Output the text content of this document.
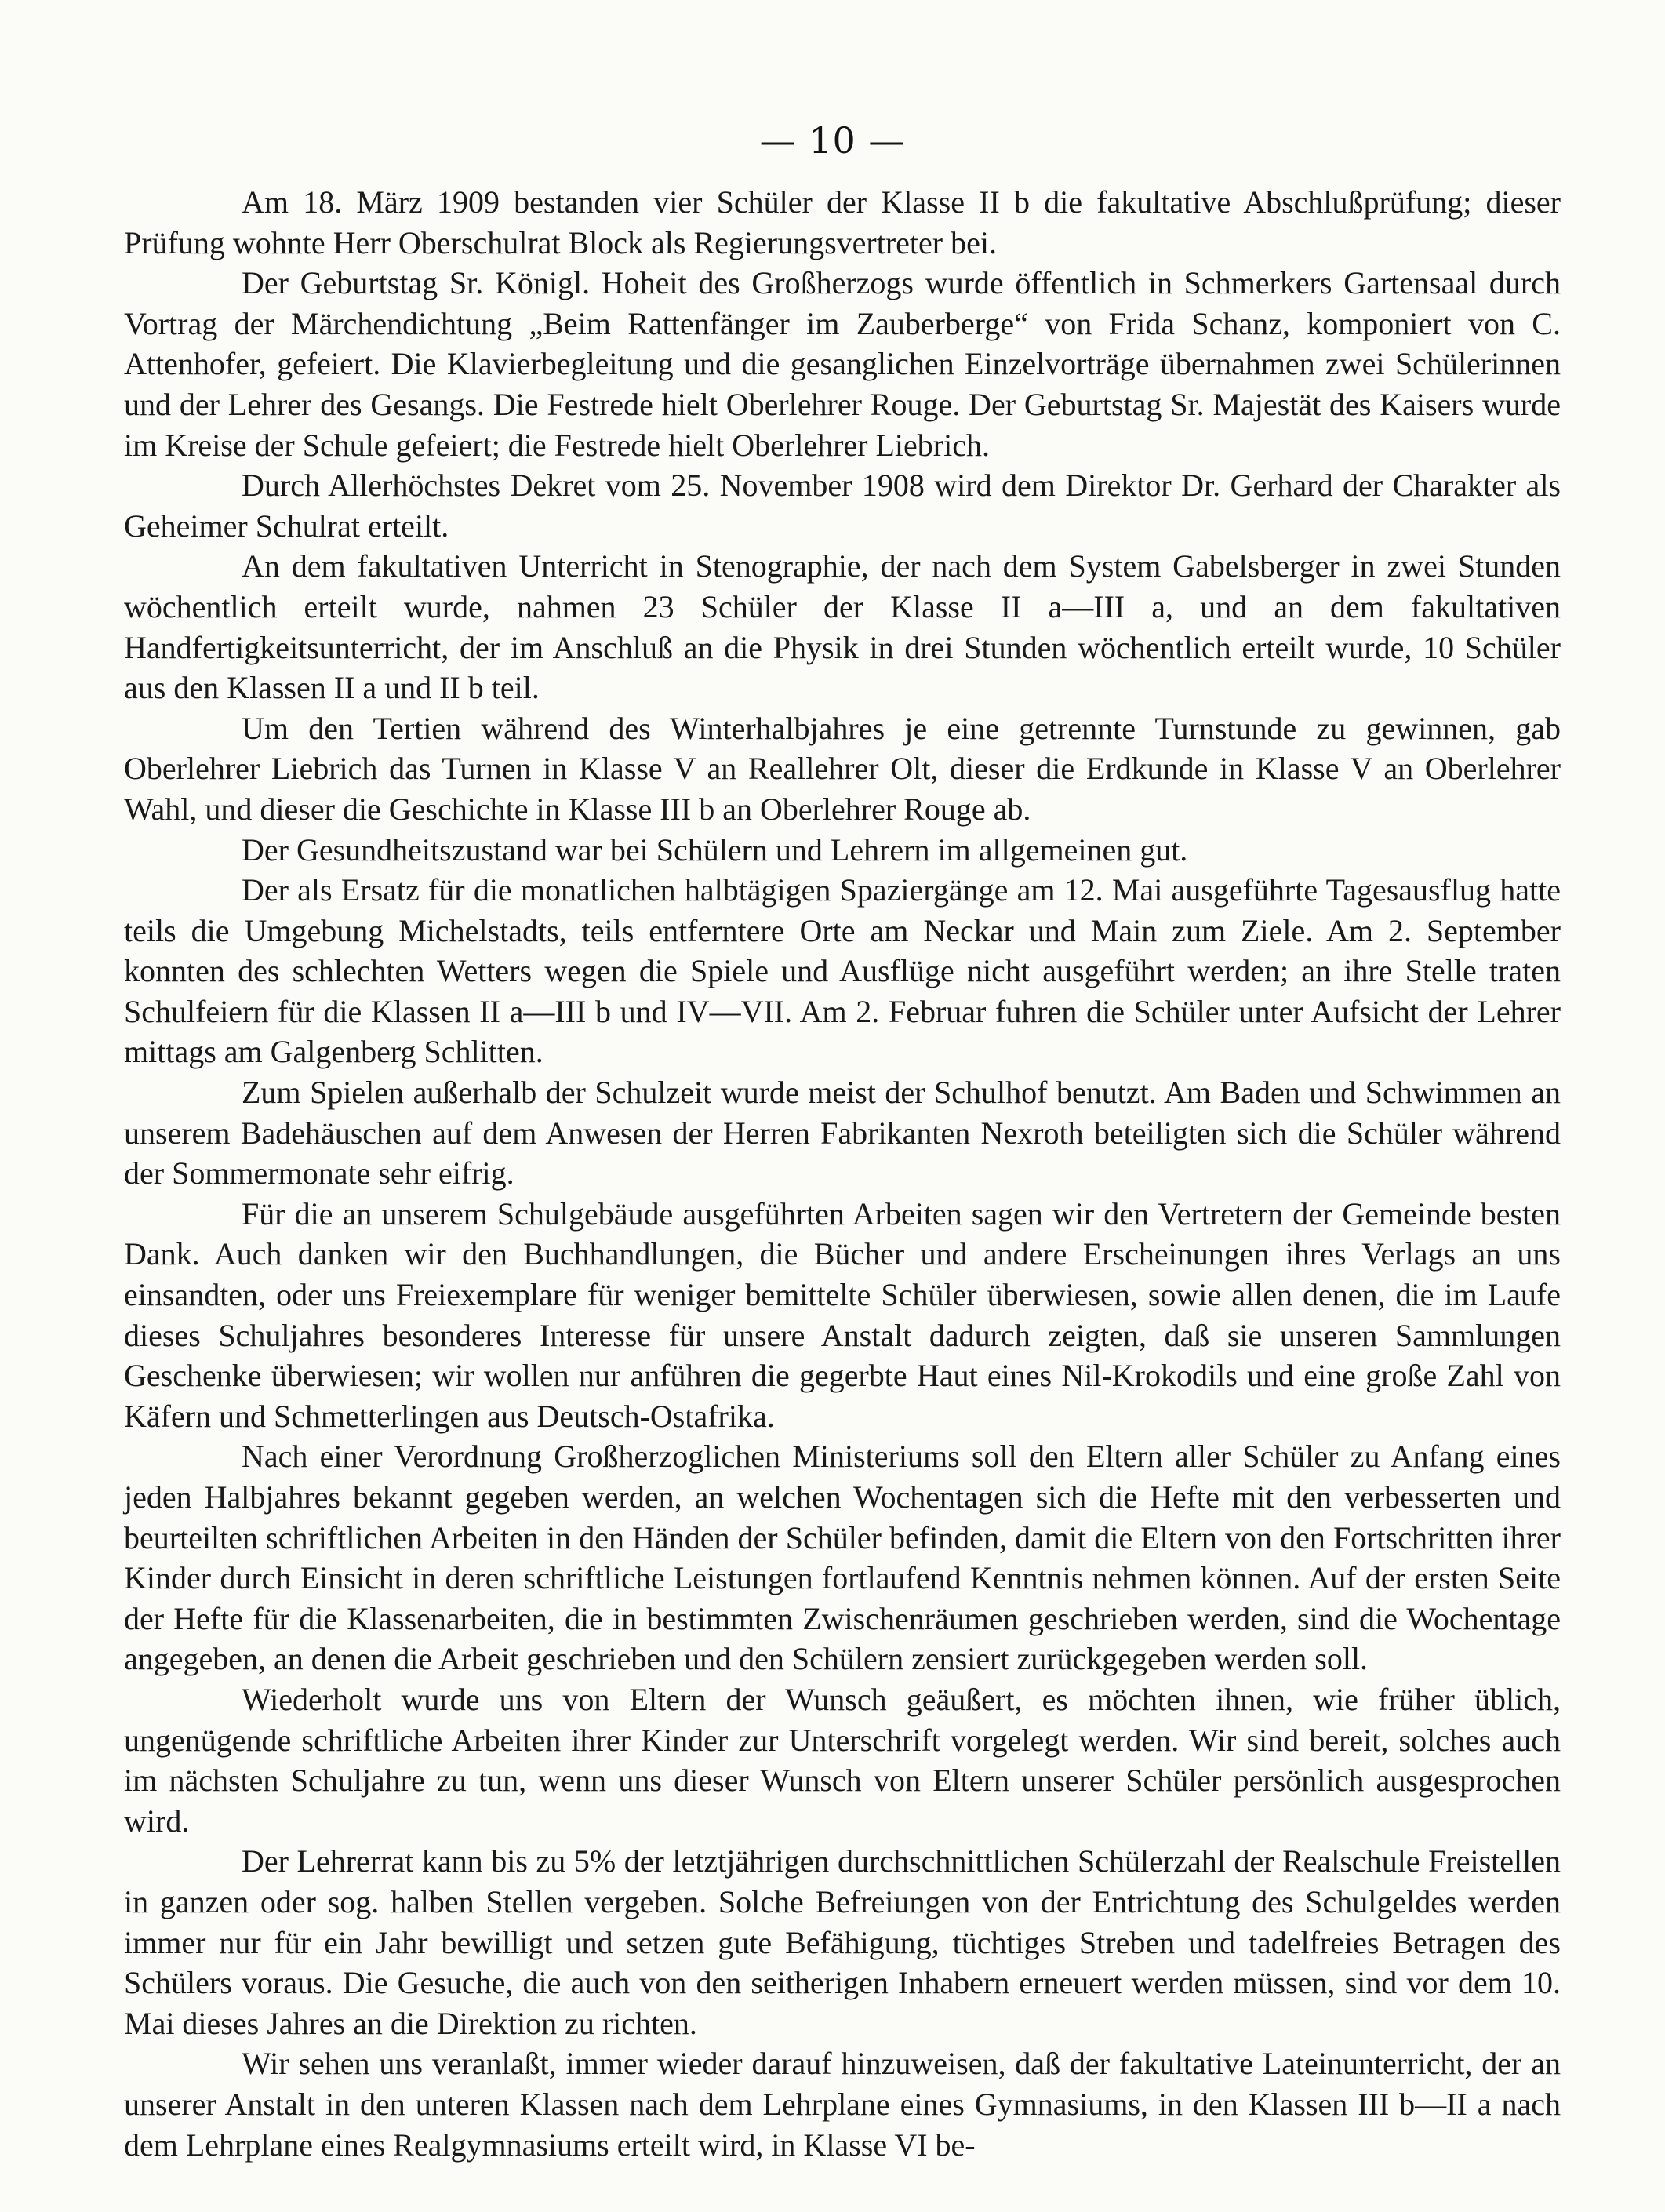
— 10 —

Am 18. März 1909 bestanden vier Schüler der Klasse II b die fakultative Abschlußprüfung; dieser Prüfung wohnte Herr Oberschulrat Block als Regierungsvertreter bei.

Der Geburtstag Sr. Königl. Hoheit des Großherzogs wurde öffentlich in Schmerkers Gartensaal durch Vortrag der Märchendichtung „Beim Rattenfänger im Zauberberge“ von Frida Schanz, komponiert von C. Attenhofer, gefeiert. Die Klavierbegleitung und die gesanglichen Einzelvorträge übernahmen zwei Schülerinnen und der Lehrer des Gesangs. Die Festrede hielt Oberlehrer Rouge. Der Geburtstag Sr. Majestät des Kaisers wurde im Kreise der Schule gefeiert; die Festrede hielt Oberlehrer Liebrich.

Durch Allerhöchstes Dekret vom 25. November 1908 wird dem Direktor Dr. Gerhard der Charakter als Geheimer Schulrat erteilt.

An dem fakultativen Unterricht in Stenographie, der nach dem System Gabelsberger in zwei Stunden wöchentlich erteilt wurde, nahmen 23 Schüler der Klasse II a—III a, und an dem fakultativen Handfertigkeitsunterricht, der im Anschluß an die Physik in drei Stunden wöchentlich erteilt wurde, 10 Schüler aus den Klassen II a und II b teil.

Um den Tertien während des Winterhalbjahres je eine getrennte Turnstunde zu gewinnen, gab Oberlehrer Liebrich das Turnen in Klasse V an Reallehrer Olt, dieser die Erdkunde in Klasse V an Oberlehrer Wahl, und dieser die Geschichte in Klasse III b an Oberlehrer Rouge ab.

Der Gesundheitszustand war bei Schülern und Lehrern im allgemeinen gut.

Der als Ersatz für die monatlichen halbtägigen Spaziergänge am 12. Mai ausgeführte Tagesausflug hatte teils die Umgebung Michelstadts, teils entferntere Orte am Neckar und Main zum Ziele. Am 2. September konnten des schlechten Wetters wegen die Spiele und Ausflüge nicht ausgeführt werden; an ihre Stelle traten Schulfeiern für die Klassen II a—III b und IV—VII. Am 2. Februar fuhren die Schüler unter Aufsicht der Lehrer mittags am Galgenberg Schlitten.

Zum Spielen außerhalb der Schulzeit wurde meist der Schulhof benutzt. Am Baden und Schwimmen an unserem Badehäuschen auf dem Anwesen der Herren Fabrikanten Nexroth beteiligten sich die Schüler während der Sommermonate sehr eifrig.

Für die an unserem Schulgebäude ausgeführten Arbeiten sagen wir den Vertretern der Gemeinde besten Dank. Auch danken wir den Buchhandlungen, die Bücher und andere Erscheinungen ihres Verlags an uns einsandten, oder uns Freiexemplare für weniger bemittelte Schüler überwiesen, sowie allen denen, die im Laufe dieses Schuljahres besonderes Interesse für unsere Anstalt dadurch zeigten, daß sie unseren Sammlungen Geschenke überwiesen; wir wollen nur anführen die gegerbte Haut eines Nil-Krokodils und eine große Zahl von Käfern und Schmetterlingen aus Deutsch-Ostafrika.

Nach einer Verordnung Großherzoglichen Ministeriums soll den Eltern aller Schüler zu Anfang eines jeden Halbjahres bekannt gegeben werden, an welchen Wochentagen sich die Hefte mit den verbesserten und beurteilten schriftlichen Arbeiten in den Händen der Schüler befinden, damit die Eltern von den Fortschritten ihrer Kinder durch Einsicht in deren schriftliche Leistungen fortlaufend Kenntnis nehmen können. Auf der ersten Seite der Hefte für die Klassenarbeiten, die in bestimmten Zwischenräumen geschrieben werden, sind die Wochentage angegeben, an denen die Arbeit geschrieben und den Schülern zensiert zurückgegeben werden soll.

Wiederholt wurde uns von Eltern der Wunsch geäußert, es möchten ihnen, wie früher üblich, ungenügende schriftliche Arbeiten ihrer Kinder zur Unterschrift vorgelegt werden. Wir sind bereit, solches auch im nächsten Schuljahre zu tun, wenn uns dieser Wunsch von Eltern unserer Schüler persönlich ausgesprochen wird.

Der Lehrerrat kann bis zu 5% der letztjährigen durchschnittlichen Schülerzahl der Realschule Freistellen in ganzen oder sog. halben Stellen vergeben. Solche Befreiungen von der Entrichtung des Schulgeldes werden immer nur für ein Jahr bewilligt und setzen gute Befähigung, tüchtiges Streben und tadelfreies Betragen des Schülers voraus. Die Gesuche, die auch von den seitherigen Inhabern erneuert werden müssen, sind vor dem 10. Mai dieses Jahres an die Direktion zu richten.

Wir sehen uns veranlaßt, immer wieder darauf hinzuweisen, daß der fakultative Lateinunterricht, der an unserer Anstalt in den unteren Klassen nach dem Lehrplane eines Gymnasiums, in den Klassen III b—II a nach dem Lehrplane eines Realgymnasiums erteilt wird, in Klasse VI be-
